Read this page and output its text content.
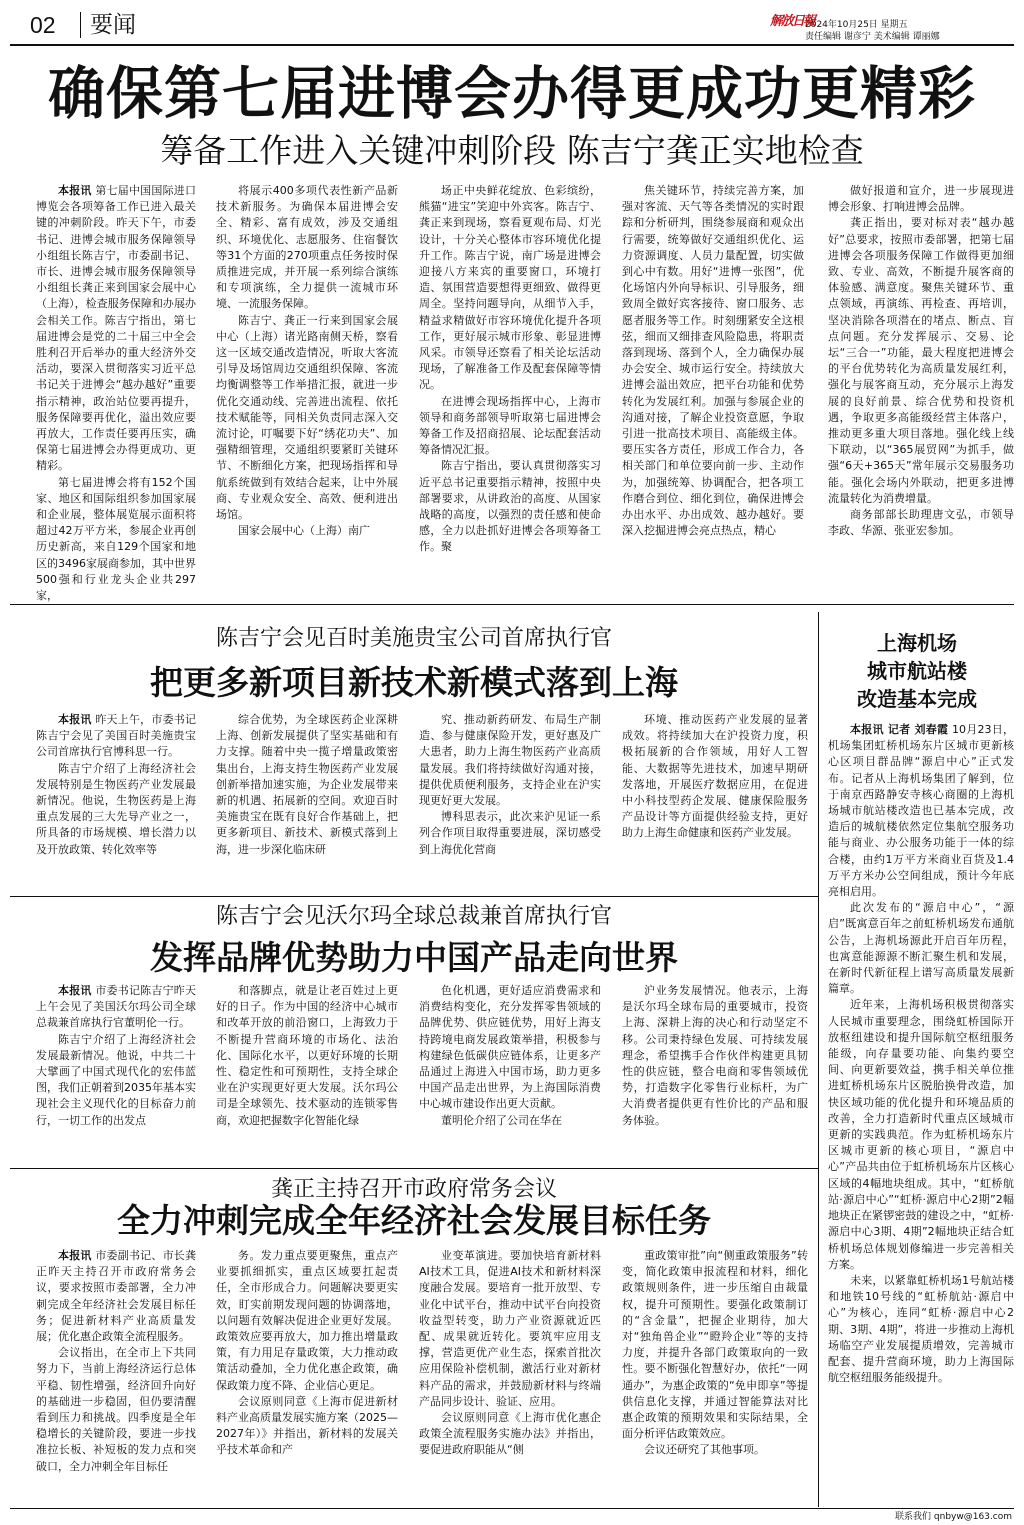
02 要闻	解放日報
2024年10月25日 星期五
责任编辑 谢彦宁 美术编辑 谭丽娜
确保第七届进博会办得更成功更精彩
筹备工作进入关键冲刺阶段 陈吉宁龚正实地检查

本报讯 第七届中国国际进口博览会各项筹备工作已进入最关键的冲刺阶段。昨天下午，市委书记、进博会城市服务保障领导小组组长陈吉宁，市委副书记、市长、进博会城市服务保障领导小组组长龚正来到国家会展中心（上海），检查服务保障和办展办会相关工作。陈吉宁指出，第七届进博会是党的二十届三中全会胜利召开后举办的重大经济外交活动，要深入贯彻落实习近平总书记关于进博会“越办越好”重要指示精神，政治站位要再提升，服务保障要再优化，溢出效应要再放大，工作责任要再压实，确保第七届进博会办得更成功、更精彩。

第七届进博会将有152个国家、地区和国际组织参加国家展和企业展，整体展览展示面积将超过42万平方米，参展企业再创历史新高，来自129个国家和地区的3496家展商参加，其中世界500强和行业龙头企业共297家，

将展示400多项代表性新产品新技术新服务。为确保本届进博会安全、精彩、富有成效，涉及交通组织、环境优化、志愿服务、住宿餐饮等31个方面的270项重点任务按时保质推进完成，并开展一系列综合演练和专项演练，全力提供一流城市环境、一流服务保障。

陈吉宁、龚正一行来到国家会展中心（上海）诸光路南侧天桥，察看这一区域交通改造情况，听取大客流引导及场馆周边交通组织保障、客流均衡调整等工作举措汇报，就进一步优化交通动线、完善进出流程、依托技术赋能等，同相关负责同志深入交流讨论，叮嘱要下好“绣花功夫”、加强精细管理，交通组织要紧盯关键环节、不断细化方案，把现场指挥和导航系统做到有效结合起来，让中外展商、专业观众安全、高效、便利进出场馆。

国家会展中心（上海）南广

场正中央鲜花绽放、色彩缤纷，熊猫“进宝”笑迎中外宾客。陈吉宁、龚正来到现场，察看夏观布局、灯光设计，十分关心整体市容环境优化提升工作。陈吉宁说，南广场是进博会迎接八方来宾的重要窗口，环境打造、氛围营造要想得更细致、做得更周全。坚持问题导向，从细节入手，精益求精做好市容环境优化提升各项工作，更好展示城市形象、彰显进博风采。市领导还察看了相关论坛活动现场，了解准备工作及配套保障等情况。

在进博会现场指挥中心，上海市领导和商务部领导听取第七届进博会筹备工作及招商招展、论坛配套活动筹备情况汇报。

陈吉宁指出，要认真贯彻落实习近平总书记重要指示精神，按照中央部署要求，从讲政治的高度、从国家战略的高度，以强烈的责任感和使命感，全力以赴抓好进博会各项筹备工作。聚

焦关键环节，持续完善方案，加强对客流、天气等各类情况的实时跟踪和分析研判，围绕参展商和观众出行需要，统筹做好交通组织优化、运力资源调度、人员力量配置，切实做到心中有数。用好“进博一张图”，优化场馆内外向导标识、引导服务，细致周全做好宾客接待、窗口服务、志愿者服务等工作。时刻绷紧安全这根弦，细而又细排查风险隐患，将职责落到现场、落到个人，全力确保办展办会安全、城市运行安全。持续放大进博会溢出效应，把平台功能和优势转化为发展红利。加强与参展企业的沟通对接，了解企业投资意愿，争取引进一批高技术项目、高能级主体。要压实各方责任，形成工作合力，各相关部门和单位要向前一步、主动作为，加强统筹、协调配合，把各项工作磨合到位、细化到位，确保进博会办出水平、办出成效、越办越好。要深入挖掘进博会亮点热点，精心

做好报道和宣介，进一步展现进博会形象、打响进博会品牌。

龚正指出，要对标对表“越办越好”总要求，按照市委部署，把第七届进博会各项服务保障工作做得更加细致、专业、高效，不断提升展客商的体验感、满意度。聚焦关键环节、重点领域，再演练、再检查、再培训，坚决消除各项潜在的堵点、断点、盲点问题。充分发挥展示、交易、论坛“三合一”功能，最大程度把进博会的平台优势转化为高质量发展红利，强化与展客商互动，充分展示上海发展的良好前景、综合优势和投资机遇，争取更多高能级经营主体落户，推动更多重大项目落地。强化线上线下联动，以“365展贸网”为抓手，做强“6天+365天”常年展示交易服务功能。强化会场内外联动，把更多进博流量转化为消费增量。

商务部部长助理唐文弘，市领导李政、华源、张亚宏参加。

陈吉宁会见百时美施贵宝公司首席执行官
把更多新项目新技术新模式落到上海

本报讯 昨天上午，市委书记陈吉宁会见了美国百时美施贵宝公司首席执行官博科思一行。

陈吉宁介绍了上海经济社会发展特别是生物医药产业发展最新情况。他说，生物医药是上海重点发展的三大先导产业之一，所具备的市场规模、增长潜力以及开放政策、转化效率等

综合优势，为全球医药企业深耕上海、创新发展提供了坚实基础和有力支撑。随着中央一揽子增量政策密集出台，上海支持生物医药产业发展创新举措加速实施，为企业发展带来新的机遇、拓展新的空间。欢迎百时美施贵宝在既有良好合作基础上，把更多新项目、新技术、新模式落到上海，进一步深化临床研

究、推动新药研发、布局生产制造、参与健康保险开发，更好惠及广大患者，助力上海生物医药产业高质量发展。我们将持续做好沟通对接，提供优质便利服务，支持企业在沪实现更好更大发展。

博科思表示，此次来沪见证一系列合作项目取得重要进展，深切感受到上海优化营商

环境、推动医药产业发展的显著成效。将持续加大在沪投资力度，积极拓展新的合作领域，用好人工智能、大数据等先进技术，加速早期研发落地，开展医疗数据应用，在促进中小科技型药企发展、健康保险服务产品设计等方面提供经验支持，更好助力上海生命健康和医药产业发展。

陈吉宁会见沃尔玛全球总裁兼首席执行官
发挥品牌优势助力中国产品走向世界

本报讯 市委书记陈吉宁昨天上午会见了美国沃尔玛公司全球总裁兼首席执行官董明伦一行。

陈吉宁介绍了上海经济社会发展最新情况。他说，中共二十大擘画了中国式现代化的宏伟蓝图，我们正朝着到2035年基本实现社会主义现代化的目标奋力前行，一切工作的出发点

和落脚点，就是让老百姓过上更好的日子。作为中国的经济中心城市和改革开放的前沿窗口，上海致力于不断提升营商环境的市场化、法治化、国际化水平，以更好环境的长期性、稳定性和可预期性，支持全球企业在沪实现更好更大发展。沃尔玛公司是全球领先、技术驱动的连锁零售商，欢迎把握数字化智能化绿

色化机遇，更好适应消费需求和消费结构变化，充分发挥零售领域的品牌优势、供应链优势，用好上海支持跨境电商发展政策举措，积极参与构建绿色低碳供应链体系，让更多产品通过上海进入中国市场，助力更多中国产品走出世界，为上海国际消费中心城市建设作出更大贡献。

董明伦介绍了公司在华在

沪业务发展情况。他表示，上海是沃尔玛全球布局的重要城市，投资上海、深耕上海的决心和行动坚定不移。公司秉持绿色发展、可持续发展理念，希望携手合作伙伴构建更具韧性的供应链，整合电商和零售领域优势，打造数字化零售行业标杆，为广大消费者提供更有性价比的产品和服务体验。

龚正主持召开市政府常务会议
全力冲刺完成全年经济社会发展目标任务

本报讯 市委副书记、市长龚正昨天主持召开市政府常务会议，要求按照市委部署，全力冲刺完成全年经济社会发展目标任务；促进新材料产业高质量发展；优化惠企政策全流程服务。

会议指出，在全市上下共同努力下，当前上海经济运行总体平稳、韧性增强，经济回升向好的基础进一步稳固，但仍要清醒看到压力和挑战。四季度是全年稳增长的关键阶段，要进一步找准拉长板、补短板的发力点和突破口，全力冲刺全年目标任

务。发力重点要更聚焦，重点产业要抓细抓实，重点区域要扛起责任，全市形成合力。问题解决要更实效，盯实前期发现问题的协调落地，以问题有效解决促进企业更好发展。政策效应要再放大，加力推出增量政策，有力用足存量政策，大力推动政策活动叠加，全力优化惠企政策，确保政策力度不降、企业信心更足。

会议原则同意《上海市促进新材料产业高质量发展实施方案（2025—2027年）》并指出，新材料的发展关乎技术革命和产

业变革演进。要加快培育新材料AI技术工具，促进AI技术和新材料深度融合发展。要培育一批开放型、专业化中试平台，推动中试平台向投资收益型转变，助力产业资源就近匹配、成果就近转化。要筑牢应用支撑，营造更优产业生态，探索首批次应用保险补偿机制，激活行业对新材料产品的需求，并鼓励新材料与终端产品同步设计、验证、应用。

会议原则同意《上海市优化惠企政策全流程服务实施办法》并指出，要促进政府职能从“侧

重政策审批”向“侧重政策服务”转变，简化政策申报流程和材料，细化政策规则条件，进一步压缩自由裁量权，提升可预期性。要强化政策制订的“含金量”，把握企业期待，加大对“独角兽企业”“瞪羚企业”等的支持力度，并提升各部门政策取向的一致性。要不断强化智慧好办，依托“一网通办”，为惠企政策的“免申即享”等提供信息化支撑，并通过智能算法对比惠企政策的预期效果和实际结果，全面分析评估政策效应。

会议还研究了其他事项。

上海机场
城市航站楼
改造基本完成

本报讯 记者 刘春霞 10月23日，机场集团虹桥机场东片区城市更新核心区项目群品牌“源启中心”正式发布。记者从上海机场集团了解到，位于南京西路静安寺核心商圈的上海机场城市航站楼改造也已基本完成，改造后的城航楼依然定位集航空服务功能与商业、办公服务功能于一体的综合楼，由约1万平方米商业百货及1.4万平方米办公空间组成，预计今年底亮相启用。

此次发布的“源启中心”，“源启”既寓意百年之前虹桥机场发布通航公告，上海机场源此开启百年历程，也寓意能源源不断汇聚生机和发展，在新时代新征程上谱写高质量发展新篇章。

近年来，上海机场积极贯彻落实人民城市重要理念，围绕虹桥国际开放枢纽建设和提升国际航空枢纽服务能级，向存量要功能、向集约要空间、向更新要效益，携手相关单位推进虹桥机场东片区脱胎换骨改造，加快区域功能的优化提升和环境品质的改善，全力打造新时代重点区域城市更新的实践典范。作为虹桥机场东片区城市更新的核心项目，“源启中心”产品共由位于虹桥机场东片区核心区域的4幅地块组成。其中，“虹桥航站·源启中心”“虹桥·源启中心2期”2幅地块正在紧锣密鼓的建设之中，“虹桥·源启中心3期、4期”2幅地块正结合虹桥机场总体规划修编进一步完善相关方案。

未来，以紧靠虹桥机场1号航站楼和地铁10号线的“虹桥航站·源启中心”为核心，连同“虹桥·源启中心2期、3期、4期”，将进一步推动上海机场临空产业发展提质增效，完善城市配套、提升营商环境，助力上海国际航空枢纽服务能级提升。

联系我们 qnbyw@163.com
